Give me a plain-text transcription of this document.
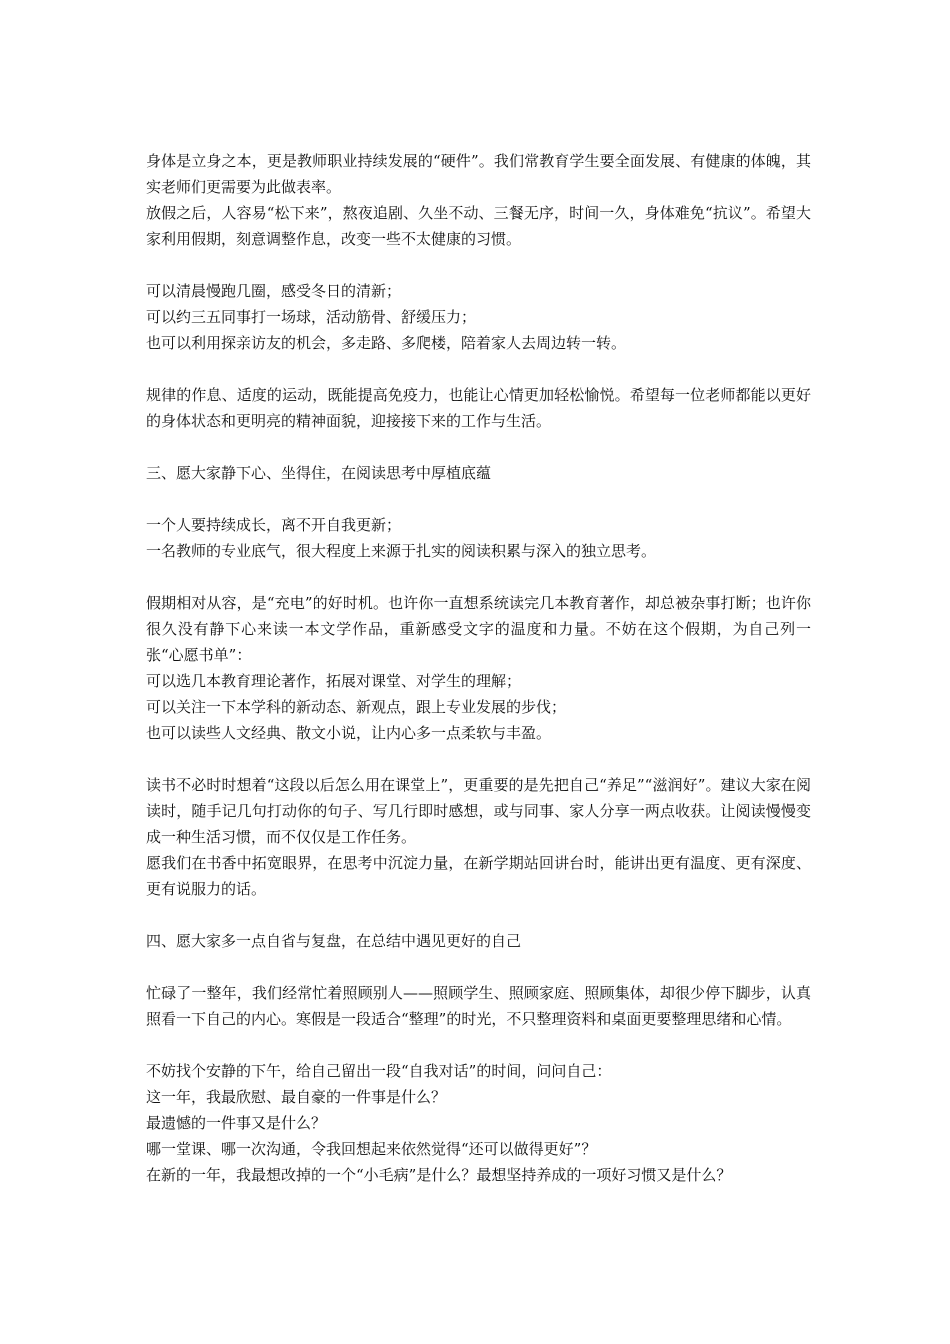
身体是立身之本，更是教师职业持续发展的“硬件”。我们常教育学生要全面发展、有健康的体魄，其实老师们更需要为此做表率。

放假之后，人容易“松下来”，熬夜追剧、久坐不动、三餐无序，时间一久，身体难免“抗议”。希望大家利用假期，刻意调整作息，改变一些不太健康的习惯。

可以清晨慢跑几圈，感受冬日的清新；

可以约三五同事打一场球，活动筋骨、舒缓压力；

也可以利用探亲访友的机会，多走路、多爬楼，陪着家人去周边转一转。

规律的作息、适度的运动，既能提高免疫力，也能让心情更加轻松愉悦。希望每一位老师都能以更好的身体状态和更明亮的精神面貌，迎接接下来的工作与生活。

三、愿大家静下心、坐得住，在阅读思考中厚植底蕴

一个人要持续成长，离不开自我更新；

一名教师的专业底气，很大程度上来源于扎实的阅读积累与深入的独立思考。

假期相对从容，是“充电”的好时机。也许你一直想系统读完几本教育著作，却总被杂事打断；也许你很久没有静下心来读一本文学作品，重新感受文字的温度和力量。不妨在这个假期，为自己列一张“心愿书单”：

可以选几本教育理论著作，拓展对课堂、对学生的理解；

可以关注一下本学科的新动态、新观点，跟上专业发展的步伐；

也可以读些人文经典、散文小说，让内心多一点柔软与丰盈。

读书不必时时想着“这段以后怎么用在课堂上”，更重要的是先把自己“养足”“滋润好”。建议大家在阅读时，随手记几句打动你的句子、写几行即时感想，或与同事、家人分享一两点收获。让阅读慢慢变成一种生活习惯，而不仅仅是工作任务。

愿我们在书香中拓宽眼界，在思考中沉淀力量，在新学期站回讲台时，能讲出更有温度、更有深度、更有说服力的话。

四、愿大家多一点自省与复盘，在总结中遇见更好的自己

忙碌了一整年，我们经常忙着照顾别人——照顾学生、照顾家庭、照顾集体，却很少停下脚步，认真照看一下自己的内心。寒假是一段适合“整理”的时光，不只整理资料和桌面更要整理思绪和心情。

不妨找个安静的下午，给自己留出一段“自我对话”的时间，问问自己：

这一年，我最欣慰、最自豪的一件事是什么？

最遗憾的一件事又是什么？

哪一堂课、哪一次沟通，令我回想起来依然觉得“还可以做得更好”？

在新的一年，我最想改掉的一个“小毛病”是什么？最想坚持养成的一项好习惯又是什么？
